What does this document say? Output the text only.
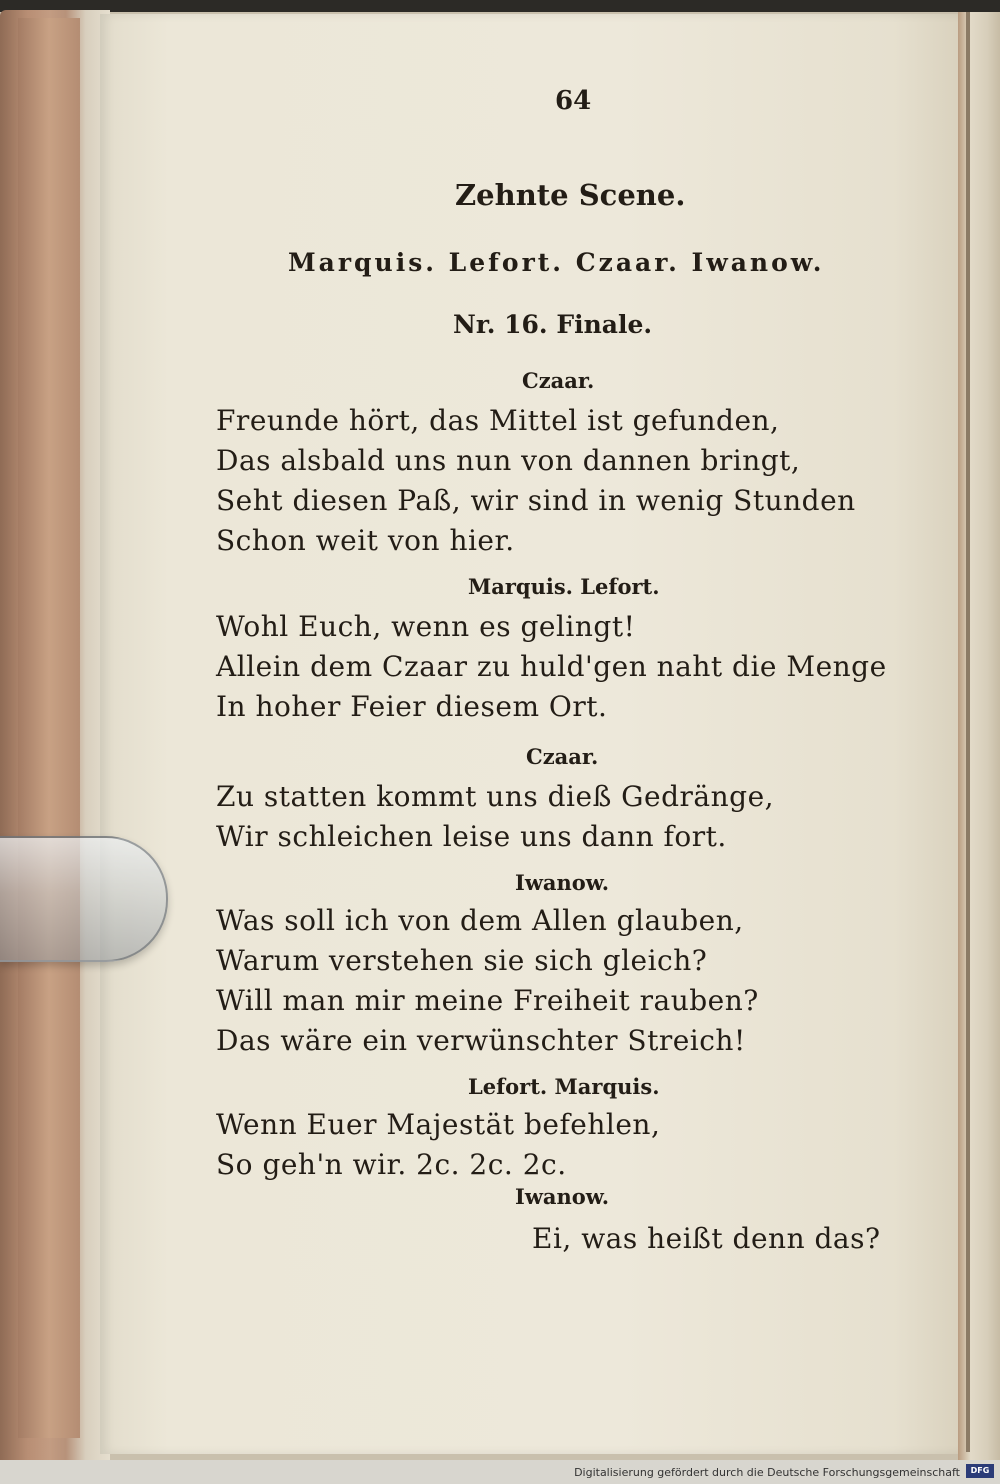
64
Zehnte Scene.
Marquis. Lefort. Czaar. Iwanow.
Nr. 16. Finale.
Czaar.
Freunde hört, das Mittel ist gefunden,
Das alsbald uns nun von dannen bringt,
Seht diesen Paß, wir sind in wenig Stunden
Schon weit von hier.
Marquis. Lefort.
Wohl Euch, wenn es gelingt!
Allein dem Czaar zu huld'gen naht die Menge
In hoher Feier diesem Ort.
Czaar.
Zu statten kommt uns dieß Gedränge,
Wir schleichen leise uns dann fort.
Iwanow.
Was soll ich von dem Allen glauben,
Warum verstehen sie sich gleich?
Will man mir meine Freiheit rauben?
Das wäre ein verwünschter Streich!
Lefort. Marquis.
Wenn Euer Majestät befehlen,
So geh'n wir. 2c. 2c. 2c.
Iwanow.
Ei, was heißt denn das?
Digitalisierung gefördert durch die Deutsche Forschungsgemeinschaft	DFG
